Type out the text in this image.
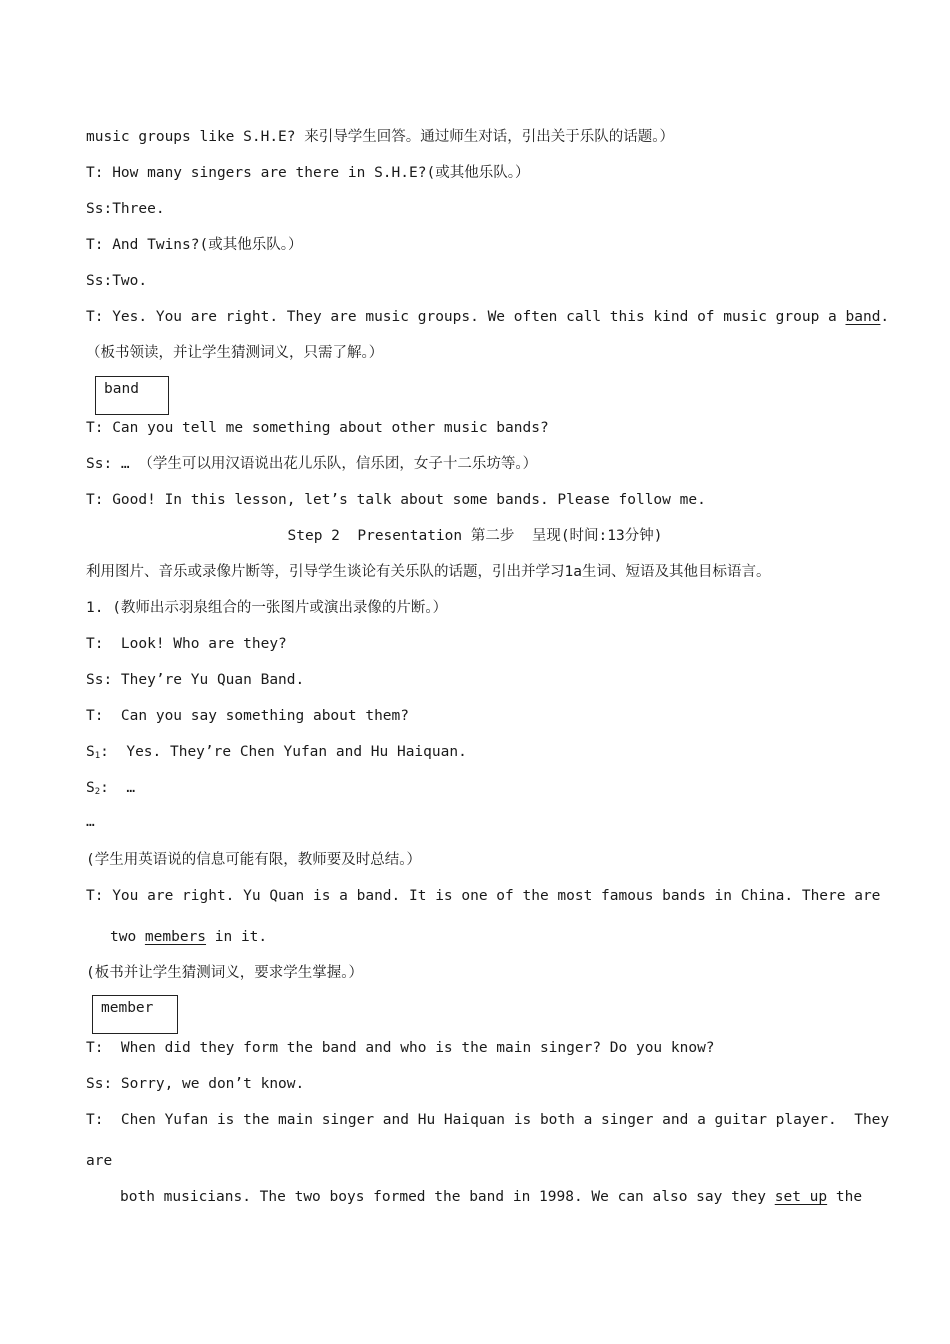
music groups like S.H.E? 来引导学生回答。通过师生对话，引出关于乐队的话题。）
T: How many singers are there in S.H.E?(或其他乐队。）
Ss:Three.
T: And Twins?(或其他乐队。）
Ss:Two.
T: Yes. You are right. They are music groups. We often call this kind of music group a band.
（板书领读，并让学生猜测词义，只需了解。）
band
T: Can you tell me something about other music bands?
Ss: … （学生可以用汉语说出花儿乐队，信乐团，女子十二乐坊等。）
T: Good! In this lesson, let’s talk about some bands. Please follow me.
Step 2  Presentation 第二步  呈现(时间:13分钟)
利用图片、音乐或录像片断等，引导学生谈论有关乐队的话题，引出并学习1a生词、短语及其他目标语言。
1. (教师出示羽泉组合的一张图片或演出录像的片断。）
T:  Look! Who are they?
Ss: They’re Yu Quan Band.
T:  Can you say something about them?
$S_1$:  Yes. They’re Chen Yufan and Hu Haiquan.
$S_2$:  …
…
(学生用英语说的信息可能有限，教师要及时总结。）
T: You are right. Yu Quan is a band. It is one of the most famous bands in China. There are
two members in it.
(板书并让学生猜测词义，要求学生掌握。）
member
T:  When did they form the band and who is the main singer? Do you know?
Ss: Sorry, we don’t know.
T:  Chen Yufan is the main singer and Hu Haiquan is both a singer and a guitar player.  They
are
both musicians. The two boys formed the band in 1998. We can also say they set up the
